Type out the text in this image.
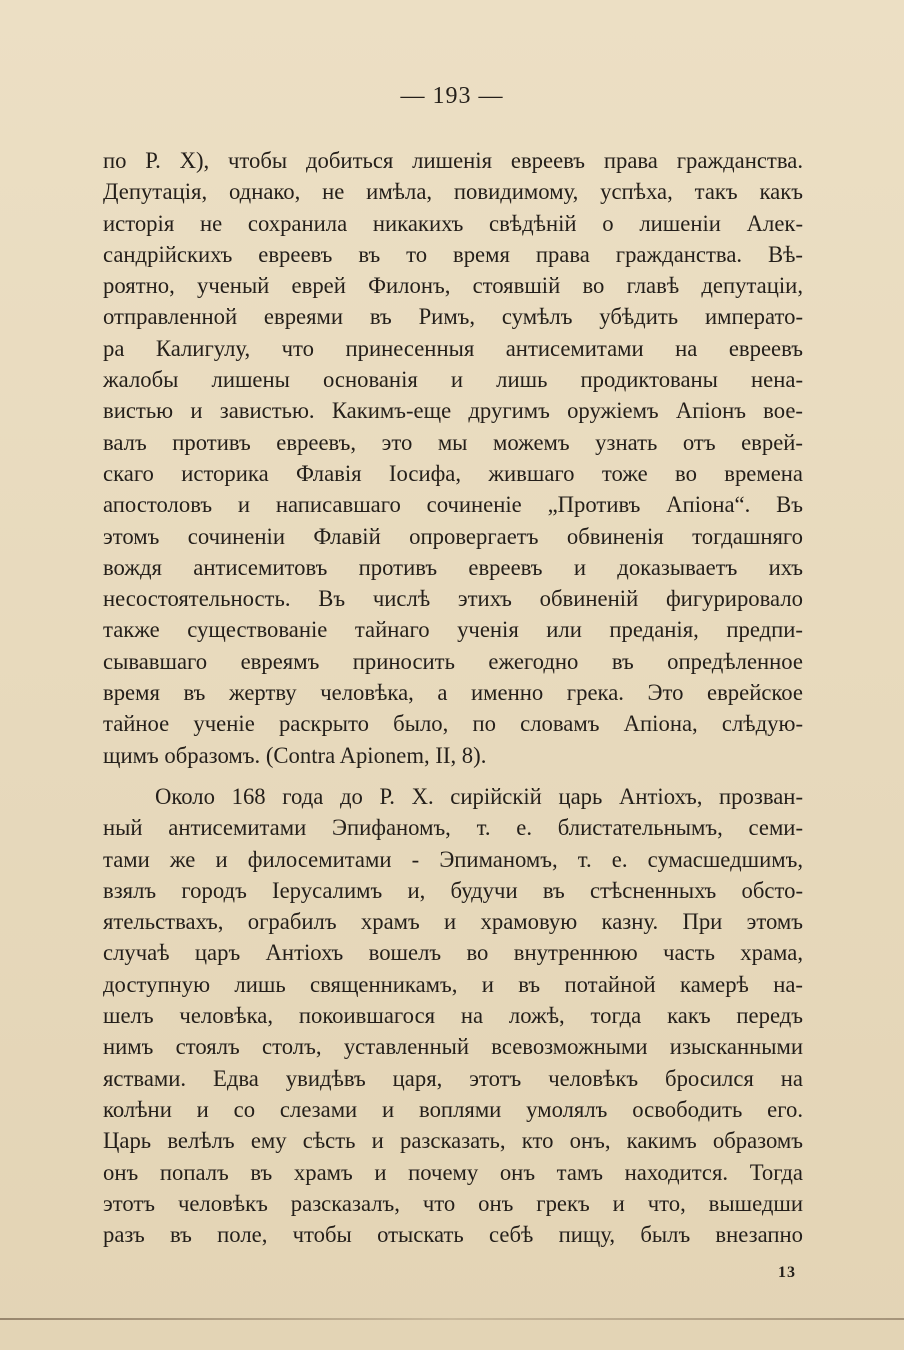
— 193 —
по Р. X), чтобы добиться лишенія евреевъ права гражданства.
Депутація, однако, не имѣла, повидимому, успѣха, такъ какъ
исторія не сохранила никакихъ свѣдѣній о лишеніи Алек-
сандрійскихъ евреевъ въ то время права гражданства. Вѣ-
роятно, ученый еврей Филонъ, стоявшій во главѣ депутаціи,
отправленной евреями въ Римъ, сумѣлъ убѣдить императо-
ра Калигулу, что принесенныя антисемитами на евреевъ
жалобы лишены основанія и лишь продиктованы нена-
вистью и завистью. Какимъ-еще другимъ оружіемъ Апіонъ вое-
валъ противъ евреевъ, это мы можемъ узнать отъ еврей-
скаго историка Флавія Іосифа, жившаго тоже во времена
апостоловъ и написавшаго сочиненіе „Противъ Апіона“. Въ
этомъ сочиненіи Флавій опровергаетъ обвиненія тогдашняго
вождя антисемитовъ противъ евреевъ и доказываетъ ихъ
несостоятельность. Въ числѣ этихъ обвиненій фигурировало
также существованіе тайнаго ученія или преданія, предпи-
сывавшаго евреямъ приносить ежегодно въ опредѣленное
время въ жертву человѣка, а именно грека. Это еврейское
тайное ученіе раскрыто было, по словамъ Апіона, слѣдую-
щимъ образомъ. (Contra Apionem, II, 8).
Около 168 года до Р. X. сирійскій царь Антіохъ, прозван-
ный антисемитами Эпифаномъ, т. е. блистательнымъ, семи-
тами же и филосемитами - Эпиманомъ, т. е. сумасшедшимъ,
взялъ городъ Іерусалимъ и, будучи въ стѣсненныхъ обсто-
ятельствахъ, ограбилъ храмъ и храмовую казну. При этомъ
случаѣ царъ Антіохъ вошелъ во внутреннюю часть храма,
доступную лишь священникамъ, и въ потайной камерѣ на-
шелъ человѣка, покоившагося на ложѣ, тогда какъ передъ
нимъ стоялъ столъ, уставленный всевозможными изысканными
яствами. Едва увидѣвъ царя, этотъ человѣкъ бросился на
колѣни и со слезами и воплями умолялъ освободить его.
Царь велѣлъ ему сѣсть и разсказать, кто онъ, какимъ образомъ
онъ попалъ въ храмъ и почему онъ тамъ находится. Тогда
этотъ человѣкъ разсказалъ, что онъ грекъ и что, вышедши
разъ въ поле, чтобы отыскать себѣ пищу, былъ внезапно
13
